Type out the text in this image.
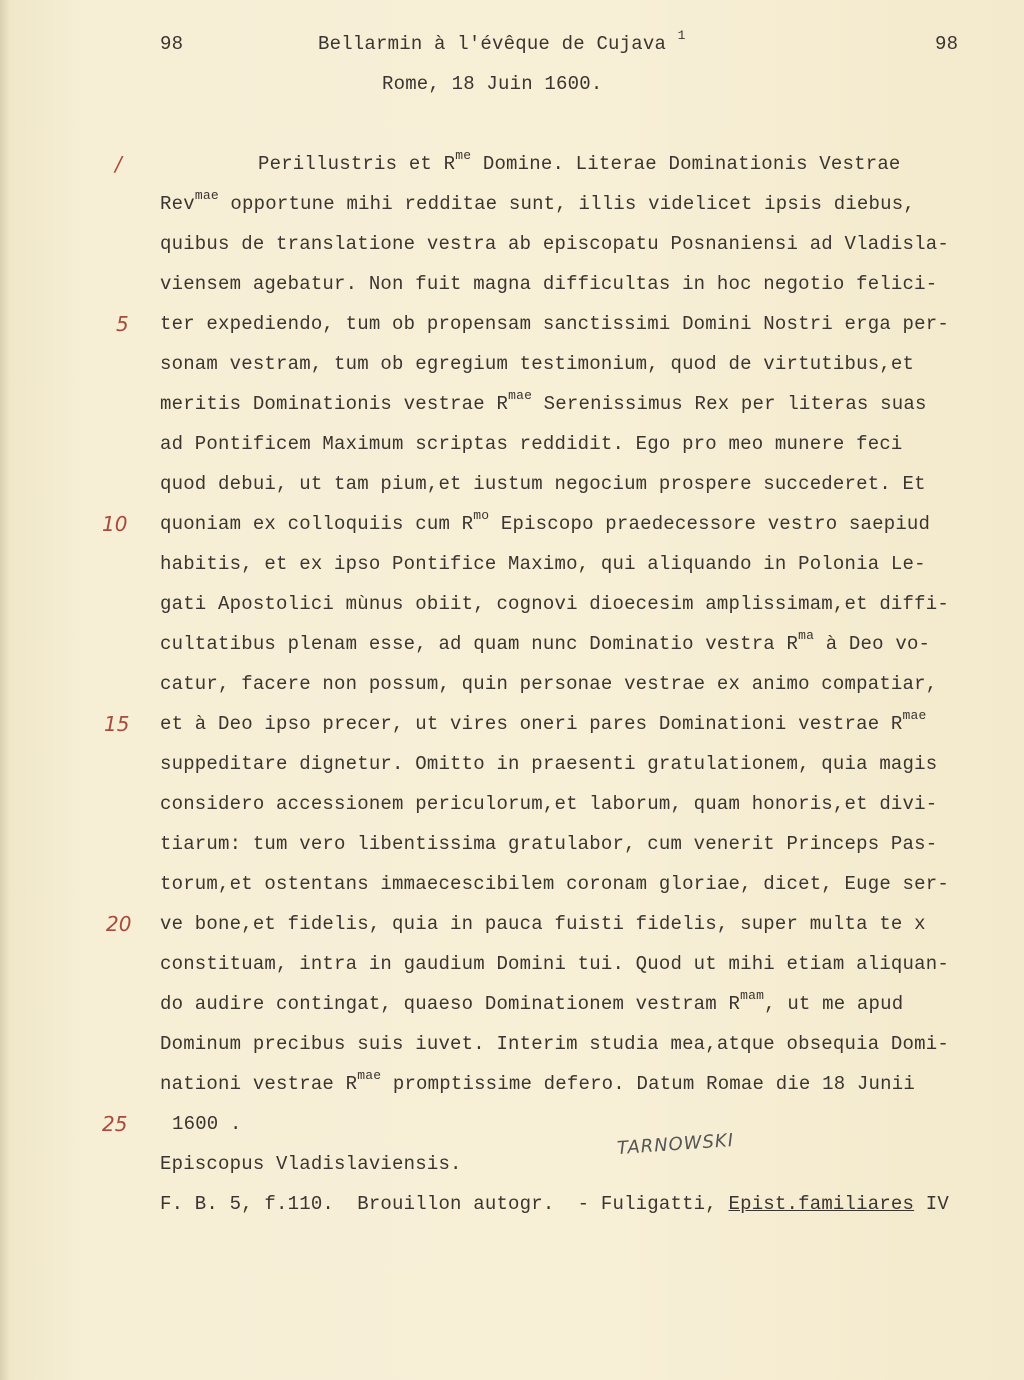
98	Bellarmin à l'évêque de Cujava $^1$	98
Rome, 18 Juin 1600.
/
5
10
15
20
25
Perillustris et $R^{me}$ Domine. Literae Dominationis Vestrae
Rev$^{mae}$ opportune mihi redditae sunt, illis videlicet ipsis diebus,
quibus de translatione vestra ab episcopatu Posnaniensi ad Vladisla-
viensem agebatur. Non fuit magna difficultas in hoc negotio felici-
ter expediendo, tum ob propensam sanctissimi Domini Nostri erga per-
sonam vestram, tum ob egregium testimonium, quod de virtutibus,et
meritis Dominationis vestrae $R^{mae}$ Serenissimus Rex per literas suas
ad Pontificem Maximum scriptas reddidit. Ego pro meo munere feci
quod debui, ut tam pium,et iustum negocium prospere succederet. Et
quoniam ex colloquiis cum $R^{mo}$ Episcopo praedecessore vestro saepiud
habitis, et ex ipso Pontifice Maximo, qui aliquando in Polonia Le-
gati Apostolici mùnus obiit, cognovi dioecesim amplissimam,et diffi-
cultatibus plenam esse, ad quam nunc Dominatio vestra $R^{ma}$ à Deo vo-
catur, facere non possum, quin personae vestrae ex animo compatiar,
et à Deo ipso precer, ut vires oneri pares Dominationi vestrae $R^{mae}$
suppeditare dignetur. Omitto in praesenti gratulationem, quia magis
considero accessionem periculorum,et laborum, quam honoris,et divi-
tiarum: tum vero libentissima gratulabor, cum venerit Princeps Pas-
torum,et ostentans immaecescibilem coronam gloriae, dicet, Euge ser-
ve bone,et fidelis, quia in pauca fuisti fidelis, super multa te x
constituam, intra in gaudium Domini tui. Quod ut mihi etiam aliquan-
do audire contingat, quaeso Dominationem vestram $R^{mam}$, ut me apud
Dominum precibus suis iuvet. Interim studia mea,atque obsequia Domi-
nationi vestrae $R^{mae}$ promptissime defero. Datum Romae die 18 Junii
1600 .
TARNOWSKI
Episcopus Vladislaviensis.
F. B. 5, f.110.  Brouillon autogr.  - Fuligatti, Epist.familiares IV
